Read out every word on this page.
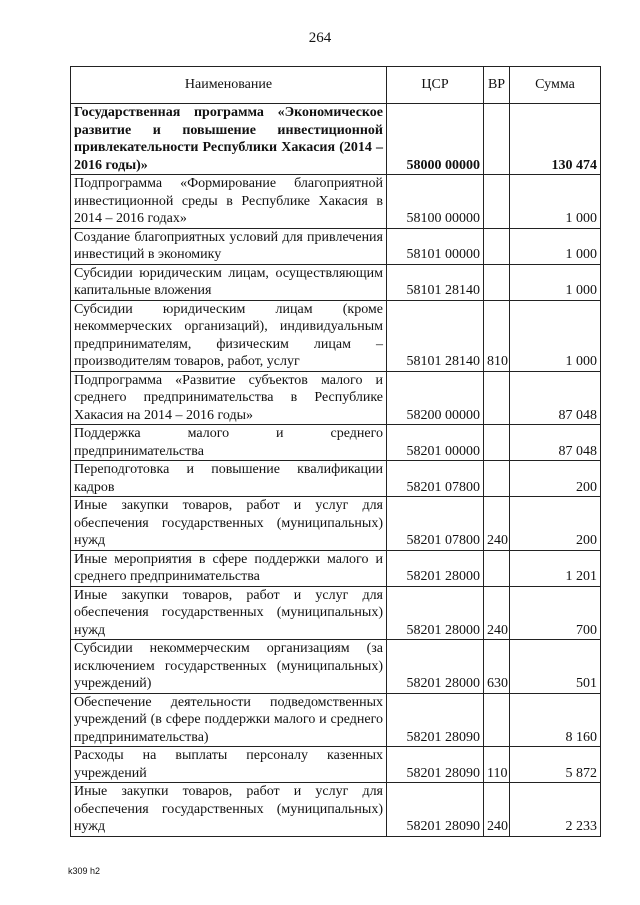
264
Наименование	ЦСР	ВР	Сумма
Государственная программа «Экономическое развитие и повышение инвестиционной привлекательности Республики Хакасия (2014 – 2016 годы)»	58000 00000		130 474
Подпрограмма «Формирование благоприятной инвестиционной среды в Республике Хакасия в 2014 – 2016 годах»	58100 00000		1 000
Создание благоприятных условий для привлечения инвестиций в экономику	58101 00000		1 000
Субсидии юридическим лицам, осуществляющим капитальные вложения	58101 28140		1 000
Субсидии юридическим лицам (кроме некоммерческих организаций), индивидуальным предпринимателям, физическим лицам – производителям товаров, работ, услуг	58101 28140	810	1 000
Подпрограмма «Развитие субъектов малого и среднего предпринимательства в Республике Хакасия на 2014 – 2016 годы»	58200 00000		87 048
Поддержка малого и среднего предпринимательства	58201 00000		87 048
Переподготовка и повышение квалификации кадров	58201 07800		200
Иные закупки товаров, работ и услуг для обеспечения государственных (муниципальных) нужд	58201 07800	240	200
Иные мероприятия в сфере поддержки малого и среднего предпринимательства	58201 28000		1 201
Иные закупки товаров, работ и услуг для обеспечения государственных (муниципальных) нужд	58201 28000	240	700
Субсидии некоммерческим организациям (за исключением государственных (муниципальных) учреждений)	58201 28000	630	501
Обеспечение деятельности подведомственных учреждений (в сфере поддержки малого и среднего предпринимательства)	58201 28090		8 160
Расходы на выплаты персоналу казенных учреждений	58201 28090	110	5 872
Иные закупки товаров, работ и услуг для обеспечения государственных (муниципальных) нужд	58201 28090	240	2 233
k309 h2
